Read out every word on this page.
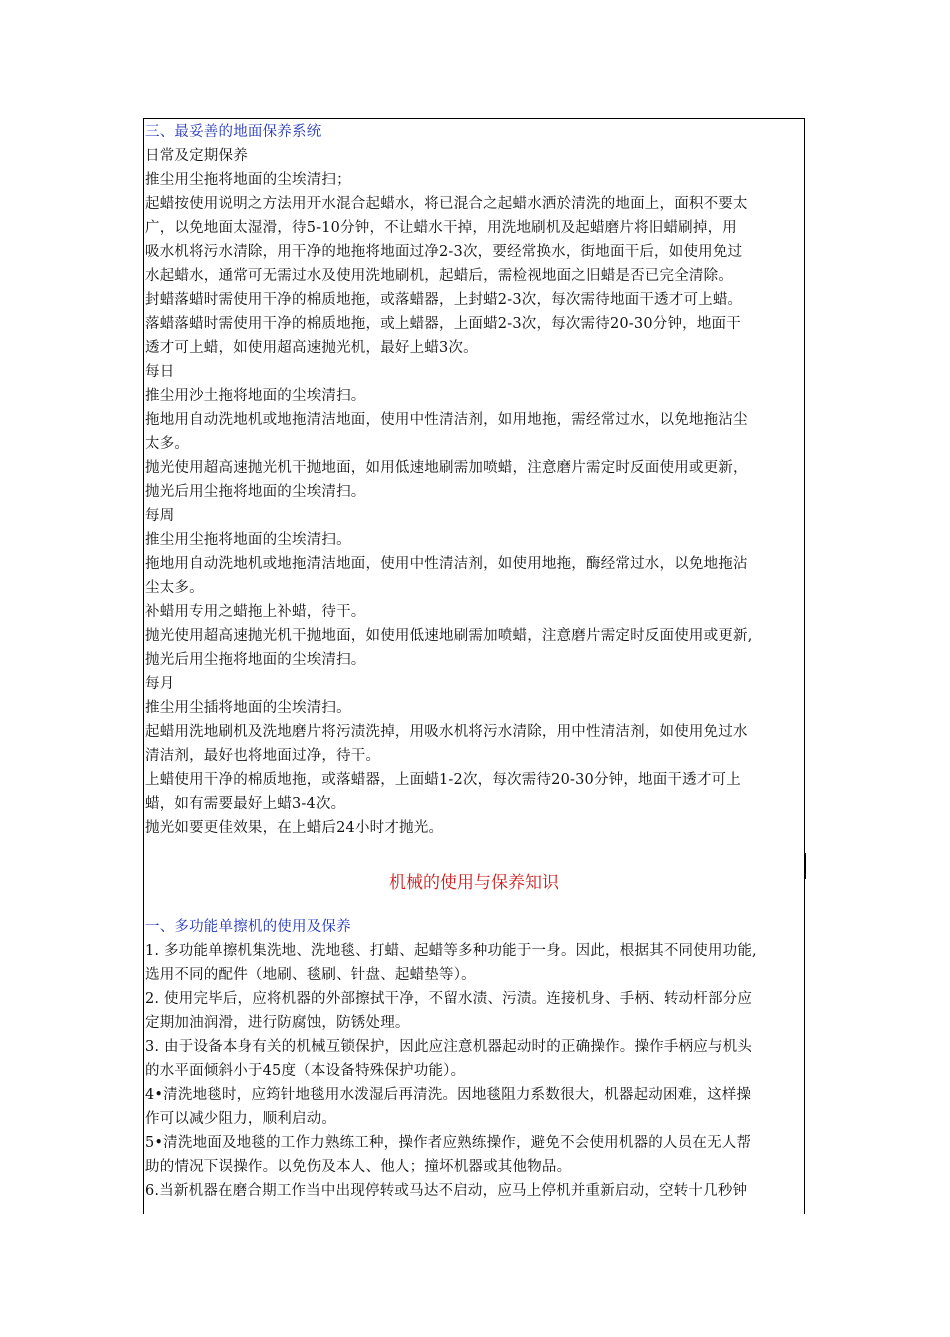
三、最妥善的地面保养系统

日常及定期保养

推尘用尘拖将地面的尘埃清扫；

起蜡按使用说明之方法用开水混合起蜡水，将已混合之起蜡水洒於清洗的地面上，面积不要太

广，以免地面太湿滑，待5-10分钟，不让蜡水干掉，用洗地刷机及起蜡磨片将旧蜡刷掉，用

吸水机将污水清除，用干净的地拖将地面过净2-3次，要经常换水，街地面干后，如使用免过

水起蜡水，通常可无需过水及使用洗地刷机，起蜡后，需检视地面之旧蜡是否已完全清除。

封蜡落蜡时需使用干净的棉质地拖，或落蜡器，上封蜡2-3次，每次需待地面干透才可上蜡。

落蜡落蜡时需使用干净的棉质地拖，或上蜡器，上面蜡2-3次，每次需待20-30分钟，地面干

透才可上蜡，如使用超高速抛光机，最好上蜡3次。

每日

推尘用沙土拖将地面的尘埃清扫。

拖地用自动洗地机或地拖清洁地面，使用中性清洁剂，如用地拖，需经常过水，以免地拖沾尘

太多。

抛光使用超高速抛光机干抛地面，如用低速地刷需加喷蜡，注意磨片需定时反面使用或更新，

抛光后用尘拖将地面的尘埃清扫。

每周

推尘用尘拖将地面的尘埃清扫。

拖地用自动洗地机或地拖清洁地面，使用中性清洁剂，如使用地拖，酶经常过水，以免地拖沾

尘太多。

补蜡用专用之蜡拖上补蜡，待干。

抛光使用超高速抛光机干抛地面，如使用低速地刷需加喷蜡，注意磨片需定时反面使用或更新,

抛光后用尘拖将地面的尘埃清扫。

每月

推尘用尘插将地面的尘埃清扫。

起蜡用洗地刷机及洗地磨片将污渍洗掉，用吸水机将污水清除，用中性清洁剂，如使用免过水

清洁剂，最好也将地面过净，待干。

上蜡使用干净的棉质地拖，或落蜡器，上面蜡1-2次，每次需待20-30分钟，地面干透才可上

蜡，如有需要最好上蜡3-4次。

抛光如要更佳效果，在上蜡后24小时才抛光。

机械的使用与保养知识

一、多功能单擦机的使用及保养

1. 多功能单擦机集洗地、洗地毯、打蜡、起蜡等多种功能于一身。因此，根据其不同使用功能,

选用不同的配件（地刷、毯刷、针盘、起蜡垫等）。

2. 使用完毕后，应将机器的外部擦拭干净，不留水渍、污渍。连接机身、手柄、转动杆部分应

定期加油润滑，进行防腐蚀，防锈处理。

3. 由于设备本身有关的机械互锁保护，因此应注意机器起动时的正确操作。操作手柄应与机头

的水平面倾斜小于45度（本设备特殊保护功能）。

4•清洗地毯时，应筠针地毯用水泼湿后再清洗。因地毯阻力系数很大，机器起动困难，这样操

作可以减少阻力，顺利启动。

5•清洗地面及地毯的工作力熟练工种，操作者应熟练操作，避免不会使用机器的人员在无人帮

助的情况下误操作。以免伤及本人、他人；撞坏机器或其他物品。

6.当新机器在磨合期工作当中出现停转或马达不启动，应马上停机并重新启动，空转十几秒钟
